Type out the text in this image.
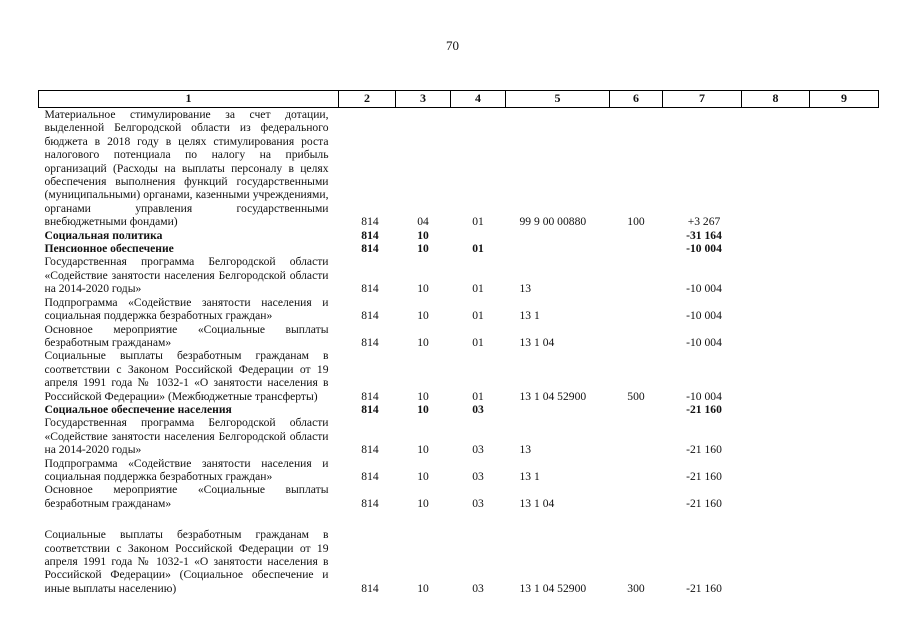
70
1	2	3	4	5	6	7	8	9
Материальное стимулирование за счет дотации, выделенной Белгородской области из федерального бюджета в 2018 году в целях стимулирования роста налогового потенциала по налогу на прибыль организаций (Расходы на выплаты персоналу в целях обеспечения выполнения функций государственными (муниципальными) органами, казенными учреждениями, органами управления государственными внебюджетными фондами)	814	04	01	99 9 00 00880	100	+3 267		
Социальная политика	814	10				-31 164		
Пенсионное обеспечение	814	10	01			-10 004		
Государственная программа Белгородской области «Содействие занятости населения Белгородской области на 2014-2020 годы»	814	10	01	13		-10 004		
Подпрограмма «Содействие занятости населения и социальная поддержка безработных граждан»	814	10	01	13 1		-10 004		
Основное мероприятие «Социальные выплаты безработным гражданам»	814	10	01	13 1 04		-10 004		
Социальные выплаты безработным гражданам в соответствии с Законом Российской Федерации от 19 апреля 1991 года № 1032-1 «О занятости населения в Российской Федерации» (Межбюджетные трансферты)	814	10	01	13 1 04 52900	500	-10 004		
Социальное обеспечение населения	814	10	03			-21 160		
Государственная программа Белгородской области «Содействие занятости населения Белгородской области на 2014-2020 годы»	814	10	03	13		-21 160		
Подпрограмма «Содействие занятости населения и социальная поддержка безработных граждан»	814	10	03	13 1		-21 160		
Основное мероприятие «Социальные выплаты безработным гражданам»	814	10	03	13 1 04		-21 160		
Социальные выплаты безработным гражданам в соответствии с Законом Российской Федерации от 19 апреля 1991 года № 1032-1 «О занятости населения в Российской Федерации» (Социальное обеспечение и иные выплаты населению)	814	10	03	13 1 04 52900	300	-21 160		
